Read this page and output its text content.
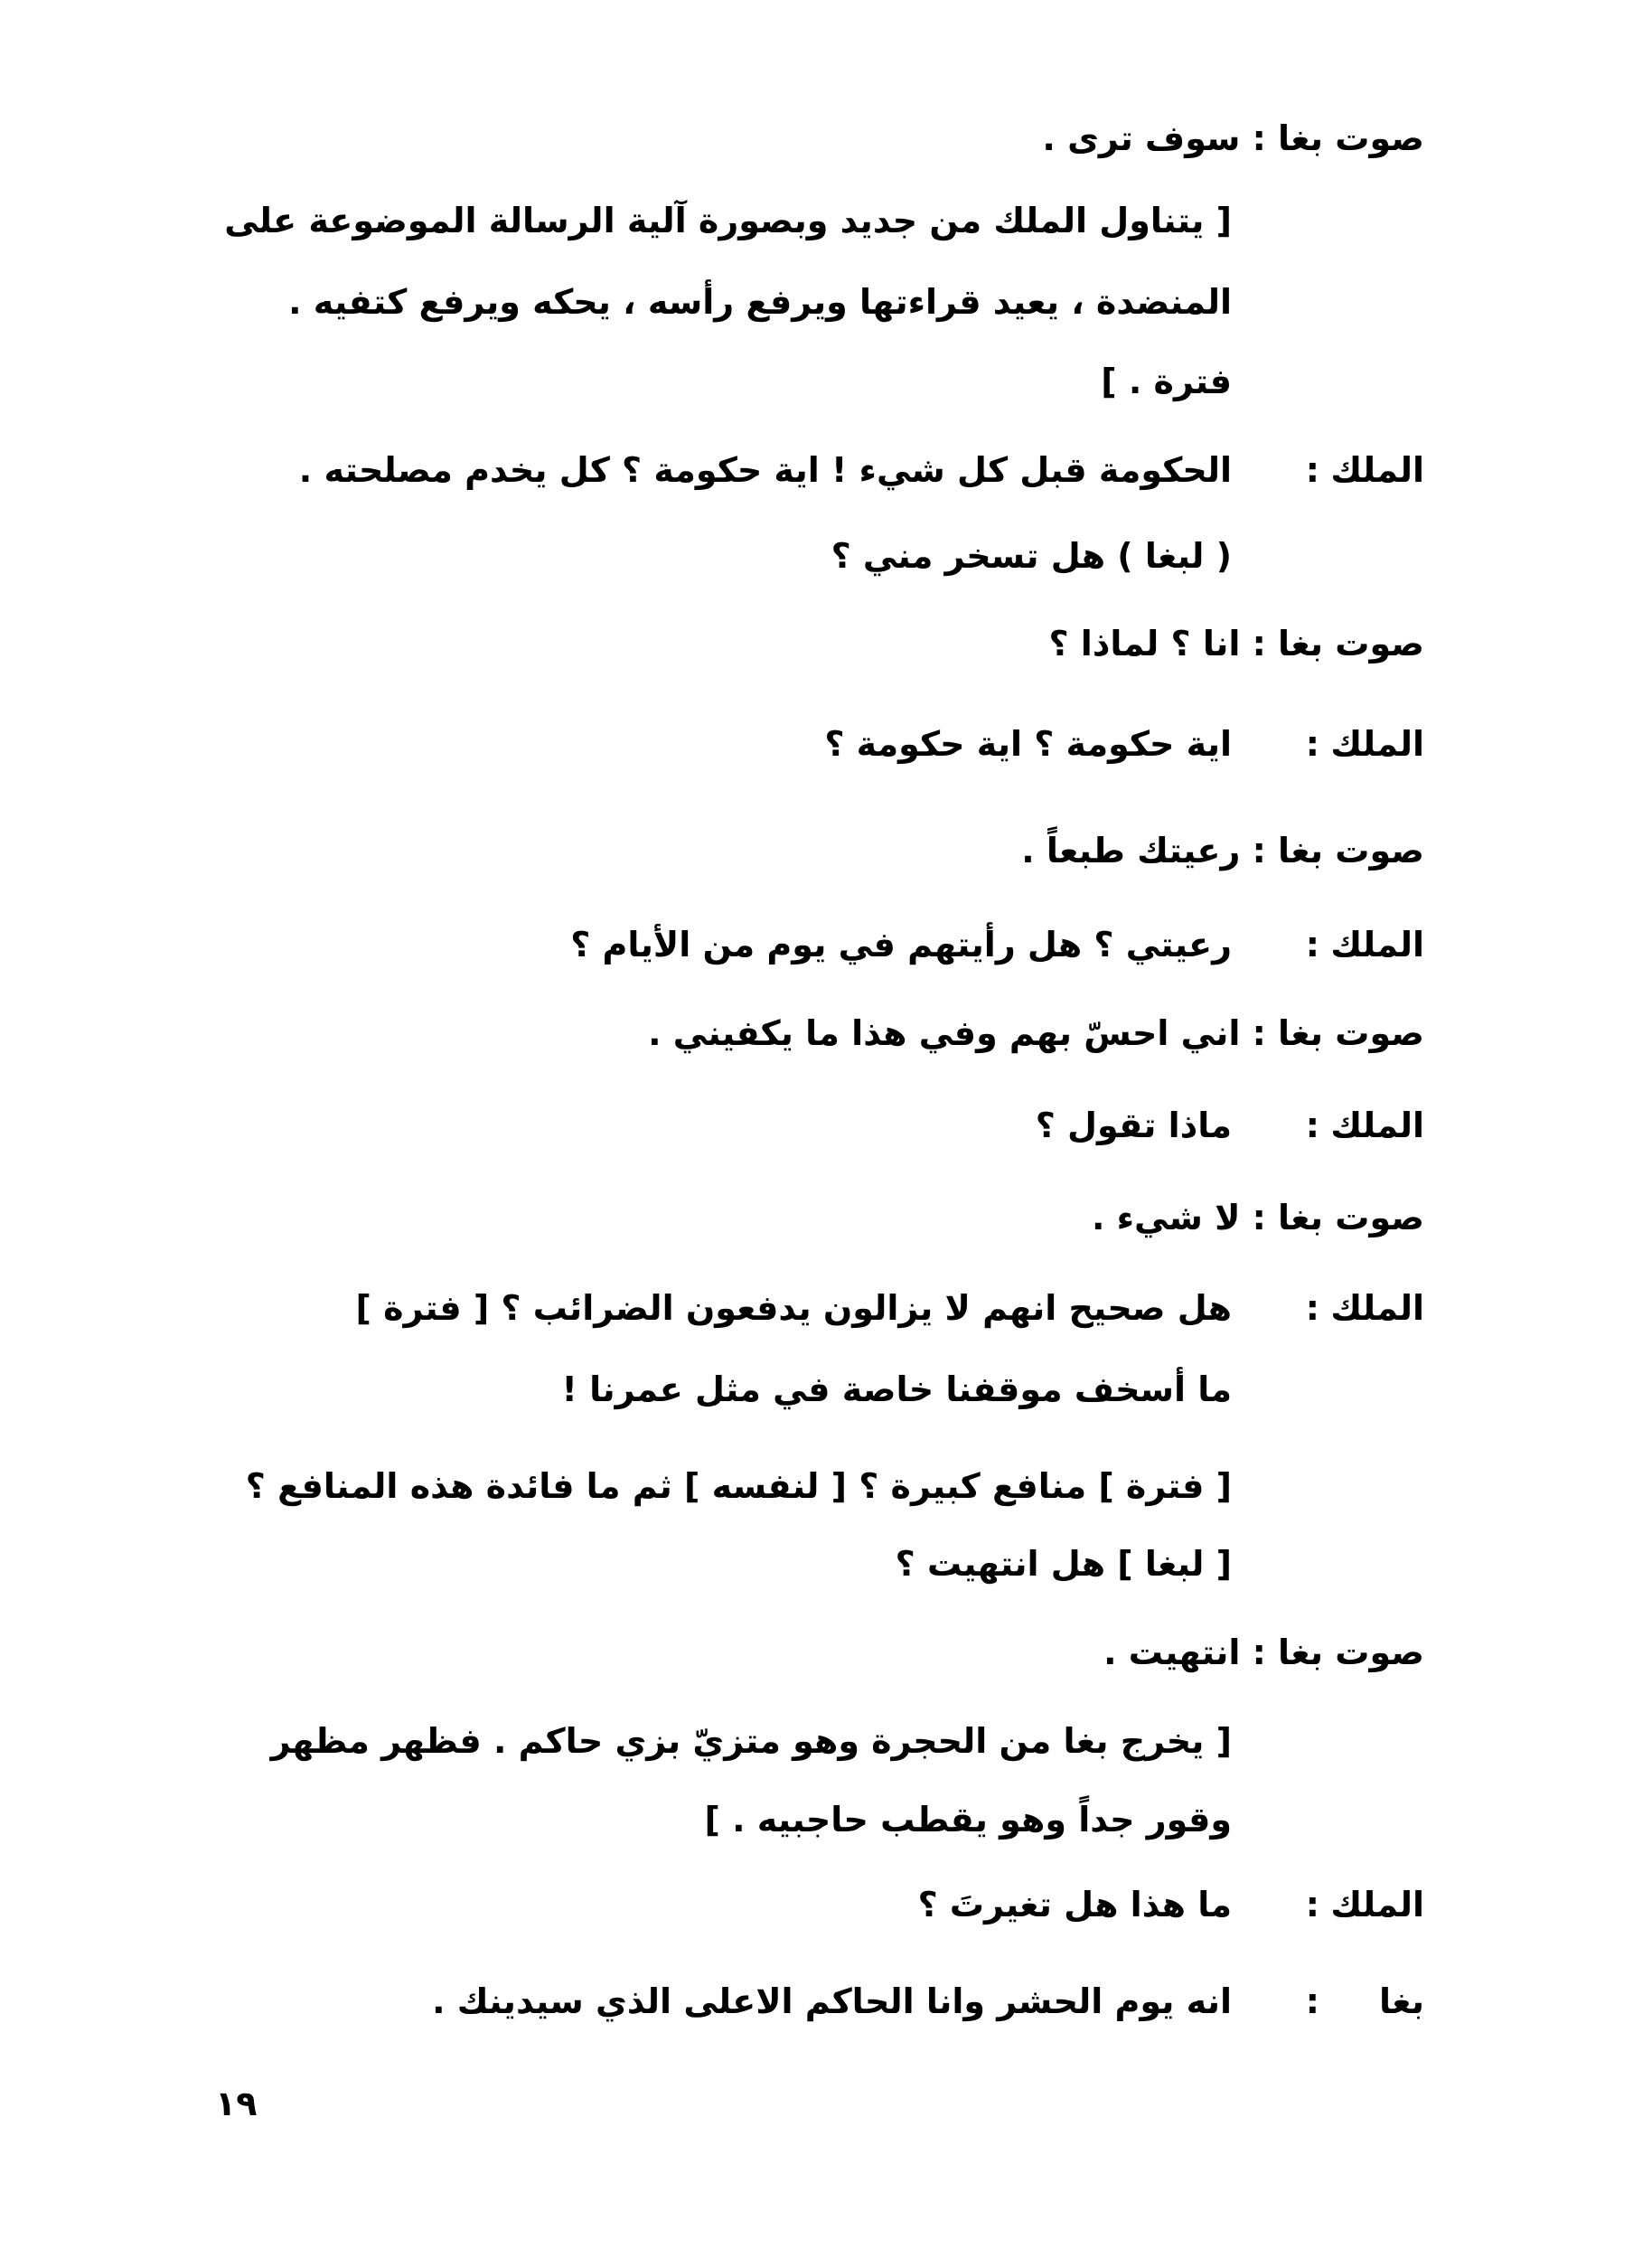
صوت بغا : سوف ترى .
[ يتناول الملك من جديد وبصورة آلية الرسالة الموضوعة على
المنضدة ، يعيد قراءتها ويرفع رأسه ، يحكه ويرفع كتفيه .
فترة . ]
الملك
:
الحكومة قبل كل شيء ! اية حكومة ؟ كل يخدم مصلحته .
( لبغا ) هل تسخر مني ؟
صوت بغا : انا ؟ لماذا ؟
الملك
:
اية حكومة ؟ اية حكومة ؟
صوت بغا : رعيتك طبعاً .
الملك
:
رعيتي ؟ هل رأيتهم في يوم من الأيام ؟
صوت بغا : اني احسّ بهم وفي هذا ما يكفيني .
الملك
:
ماذا تقول ؟
صوت بغا : لا شيء .
الملك
:
هل صحيح انهم لا يزالون يدفعون الضرائب ؟ [ فترة ]
ما أسخف موقفنا خاصة في مثل عمرنا !
[ فترة ] منافع كبيرة ؟ [ لنفسه ] ثم ما فائدة هذه المنافع ؟
[ لبغا ] هل انتهيت ؟
صوت بغا : انتهيت .
[ يخرج بغا من الحجرة وهو متزيّ بزي حاكم . فظهر مظهر
وقور جداً وهو يقطب حاجبيه . ]
الملك
:
ما هذا هل تغيرتَ ؟
بغا
:
انه يوم الحشر وانا الحاكم الاعلى الذي سيدينك .
١٩
